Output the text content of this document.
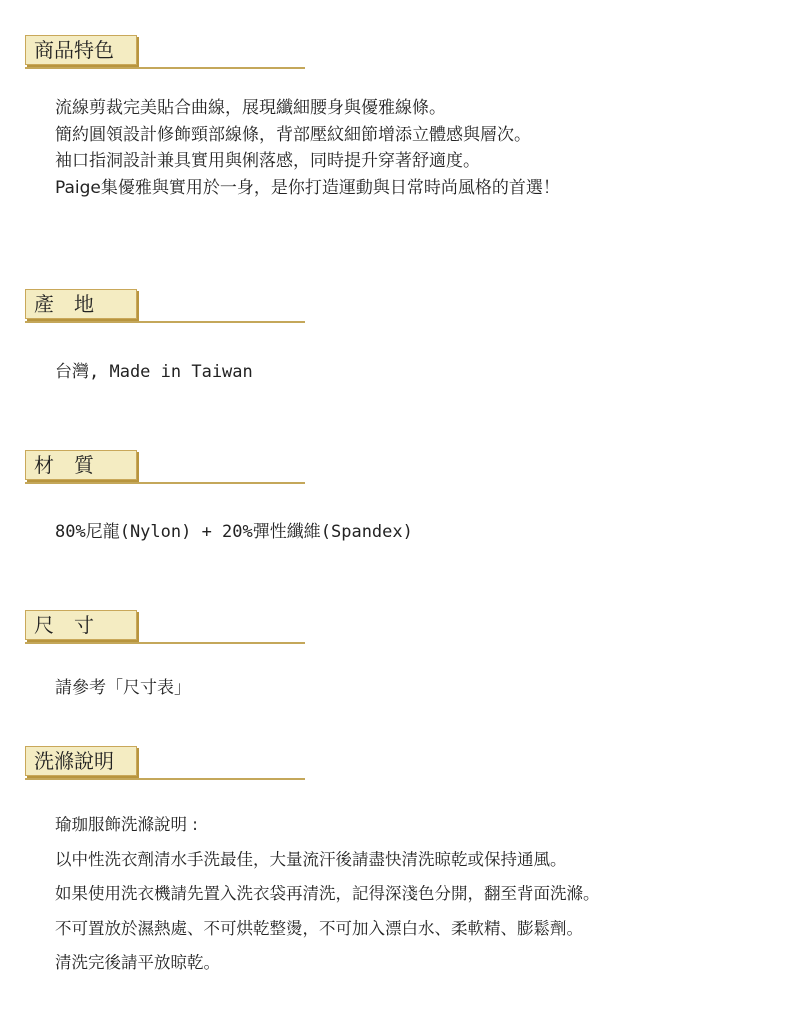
商品特色
流線剪裁完美貼合曲線，展現纖細腰身與優雅線條。
簡約圓領設計修飾頸部線條，背部壓紋細節增添立體感與層次。
袖口指洞設計兼具實用與俐落感，同時提升穿著舒適度。
Paige集優雅與實用於一身，是你打造運動與日常時尚風格的首選！
產　地
台灣, Made in Taiwan
材　質
80%尼龍(Nylon) + 20%彈性纖維(Spandex)
尺　寸
請參考「尺寸表」
洗滌說明
瑜珈服飾洗滌說明 :
以中性洗衣劑清水手洗最佳，大量流汗後請盡快清洗晾乾或保持通風。
如果使用洗衣機請先置入洗衣袋再清洗，記得深淺色分開，翻至背面洗滌。
不可置放於濕熱處、不可烘乾整燙，不可加入漂白水、柔軟精、膨鬆劑。
清洗完後請平放晾乾。
